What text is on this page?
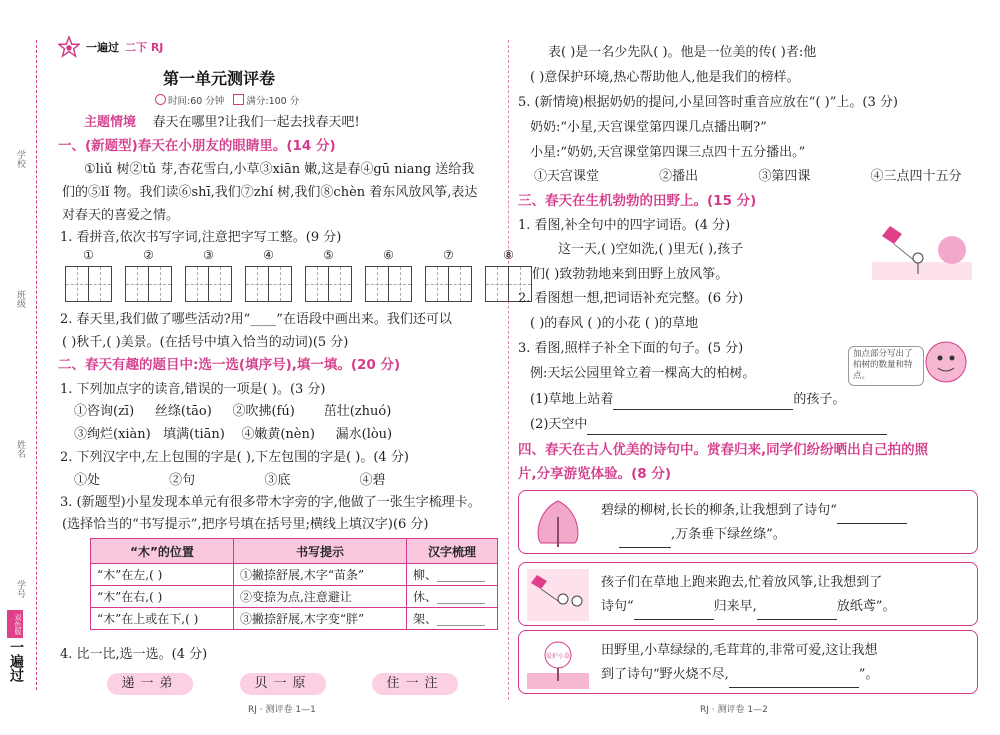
学校
班级
姓名
学号
双色版
一遍过
一遍过 二下 RJ
第一单元测评卷
时间:60 分钟 满分:100 分
主题情境 春天在哪里?让我们一起去找春天吧!
一、(新题型)春天在小朋友的眼睛里。(14 分)
①liǔ 树②tǔ 芽,杏花雪白,小草③xiān 嫩,这是春④gū niang 送给我
们的⑤lǐ 物。我们读⑥shī,我们⑦zhí 树,我们⑧chèn 着东风放风筝,表达
对春天的喜爱之情。
1. 看拼音,依次书写字词,注意把字写工整。(9 分)
①	②	③	④	⑤	⑥	⑦	⑧
2. 春天里,我们做了哪些活动?用“____”在语段中画出来。我们还可以
( )秋千,( )美景。(在括号中填入恰当的动词)(5 分)
二、春天有趣的题目中:选一选(填序号),填一填。(20 分)
1. 下列加点字的读音,错误的一项是( )。(3 分)
①咨询(zī) 丝绦(tāo) ②吹拂(fú) 茁壮(zhuó)
③绚烂(xiàn) 填满(tiān) ④嫩黄(nèn) 漏水(lòu)
2. 下列汉字中,左上包围的字是( ),下左包围的字是( )。(4 分)
①处	②句	③底	④碧
3. (新题型)小星发现本单元有很多带木字旁的字,他做了一张生字梳理卡。
(选择恰当的“书写提示”,把序号填在括号里;横线上填汉字)(6 分)
“木”的位置	书写提示	汉字梳理
“木”在左,( )	①撇捺舒展,木字“苗条”	柳、________
“木”在右,( )	②变捺为点,注意避让	休、________
“木”在上或在下,( )	③撇捺舒展,木字变“胖”	架、________
4. 比一比,选一选。(4 分)
递一弟	贝一原	住一注
RJ · 测评卷 1—1
表( )是一名少先队( )。他是一位美的传( )者:他
( )意保护环境,热心帮助他人,他是我们的榜样。
5. (新情境)根据奶奶的提问,小星回答时重音应放在“( )”上。(3 分)
奶奶:“小星,天宫课堂第四课几点播出啊?”
小星:“奶奶,天宫课堂第四课三点四十五分播出。”
①天宫课堂	②播出	③第四课	④三点四十五分
三、春天在生机勃勃的田野上。(15 分)
1. 看图,补全句中的四字词语。(4 分)
这一天,( )空如洗,( )里无( ),孩子
们( )致勃勃地来到田野上放风筝。
2. 看图想一想,把词语补充完整。(6 分)
( )的春风 ( )的小花 ( )的草地
3. 看图,照样子补全下面的句子。(5 分)
例:天坛公园里耸立着一棵高大的柏树。
(1)草地上站着	的孩子。
(2)天空中
加点部分写出了柏树的数量和特点。
四、春天在古人优美的诗句中。赏春归来,同学们纷纷晒出自己拍的照
片,分享游览体验。(8 分)
碧绿的柳树,长长的柳条,让我想到了诗句“
,万条垂下绿丝绦”。
孩子们在草地上跑来跑去,忙着放风筝,让我想到了
诗句“	归来早,	放纸鸢”。
爱护小草 田野里,小草绿绿的,毛茸茸的,非常可爱,这让我想
到了诗句“野火烧不尽,	”。
RJ · 测评卷 1—2
